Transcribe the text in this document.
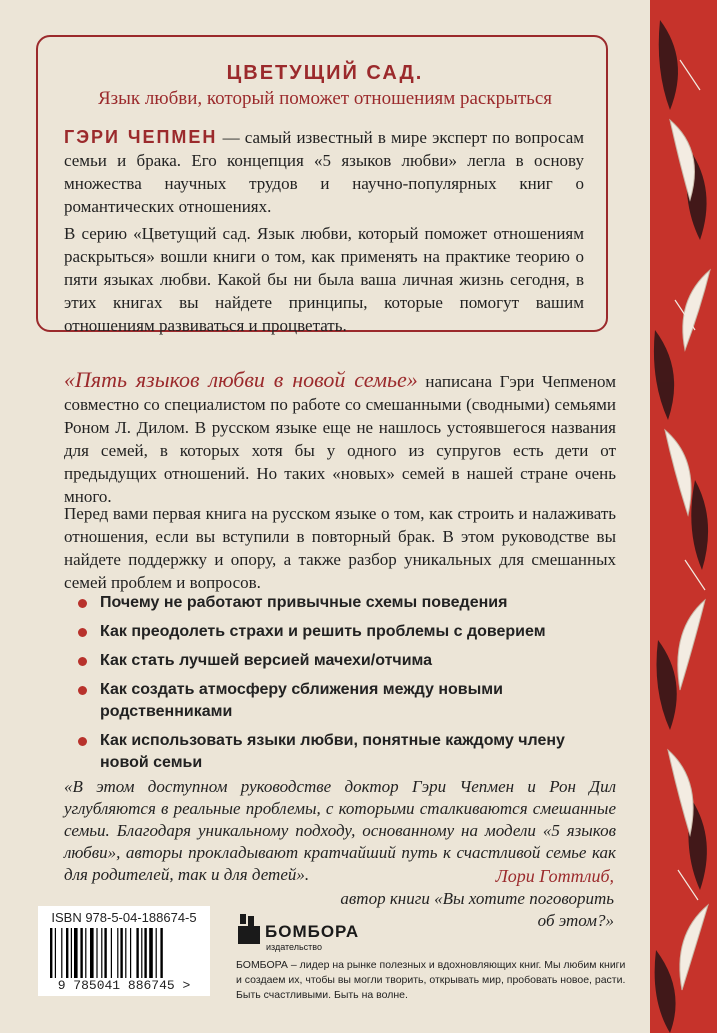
ЦВЕТУЩИЙ САД.
Язык любви, который поможет отношениям раскрыться
ГЭРИ ЧЕПМЕН — самый известный в мире эксперт по вопросам семьи и брака. Его концепция «5 языков любви» легла в основу множества научных трудов и научно-популярных книг о романтических отношениях.
В серию «Цветущий сад. Язык любви, который поможет отношениям раскрыться» вошли книги о том, как применять на практике теорию о пяти языках любви. Какой бы ни была ваша личная жизнь сегодня, в этих книгах вы найдете принципы, которые помогут вашим отношениям развиваться и процветать.
«Пять языков любви в новой семье» написана Гэри Чепменом совместно со специалистом по работе со смешанными (сводными) семьями Роном Л. Дилом. В русском языке еще не нашлось устоявшегося названия для семей, в которых хотя бы у одного из супругов есть дети от предыдущих отношений. Но таких «новых» семей в нашей стране очень много.
Перед вами первая книга на русском языке о том, как строить и налаживать отношения, если вы вступили в повторный брак. В этом руководстве вы найдете поддержку и опору, а также разбор уникальных для смешанных семей проблем и вопросов.
Почему не работают привычные схемы поведения
Как преодолеть страхи и решить проблемы с доверием
Как стать лучшей версией мачехи/отчима
Как создать атмосферу сближения между новыми родственниками
Как использовать языки любви, понятные каждому члену новой семьи
«В этом доступном руководстве доктор Гэри Чепмен и Рон Дил углубляются в реальные проблемы, с которыми сталкиваются смешанные семьи. Благодаря уникальному подходу, основанному на модели «5 языков любви», авторы прокладывают кратчайший путь к счастливой семье как для родителей, так и для детей».	Лори Готтлиб,
автор книги «Вы хотите поговорить об этом?»
ISBN 978-5-04-188674-5
9 785041 886745 >
БОМБОРА
издательство
БОМБОРА – лидер на рынке полезных и вдохновляющих книг. Мы любим книги и создаем их, чтобы вы могли творить, открывать мир, пробовать новое, расти. Быть счастливыми. Быть на волне.
